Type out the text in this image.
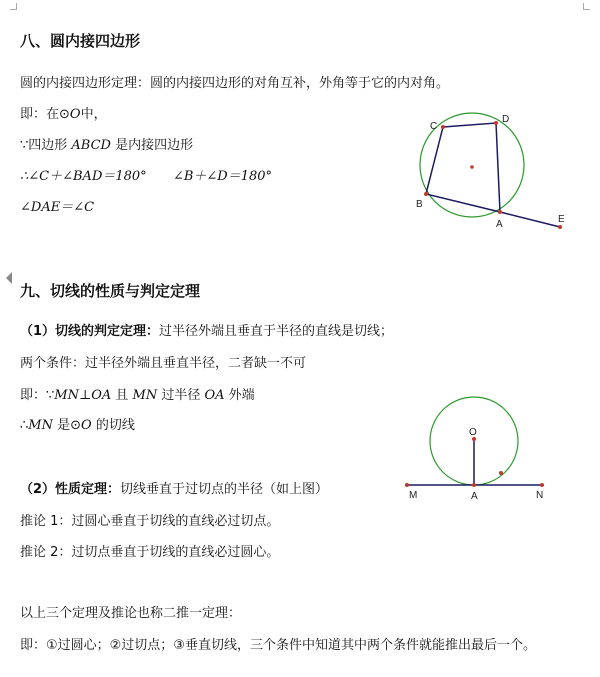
八、圆内接四边形
圆的内接四边形定理：圆的内接四边形的对角互补，外角等于它的内对角。
即：在⊙O中，
∵四边形 ABCD 是内接四边形
∴∠C＋∠BAD＝180° ∠B＋∠D＝180°
∠DAE＝∠C
C
D
B
A	E
九、切线的性质与判定定理
（1）切线的判定定理：过半径外端且垂直于半径的直线是切线；
两个条件：过半径外端且垂直半径，二者缺一不可
即：∵MN⊥OA 且 MN 过半径 OA 外端
∴MN 是⊙O 的切线	O
M	A	N
（2）性质定理：切线垂直于过切点的半径（如上图）
推论 1：过圆心垂直于切线的直线必过切点。
推论 2：过切点垂直于切线的直线必过圆心。
以上三个定理及推论也称二推一定理：
即：①过圆心；②过切点；③垂直切线，三个条件中知道其中两个条件就能推出最后一个。
